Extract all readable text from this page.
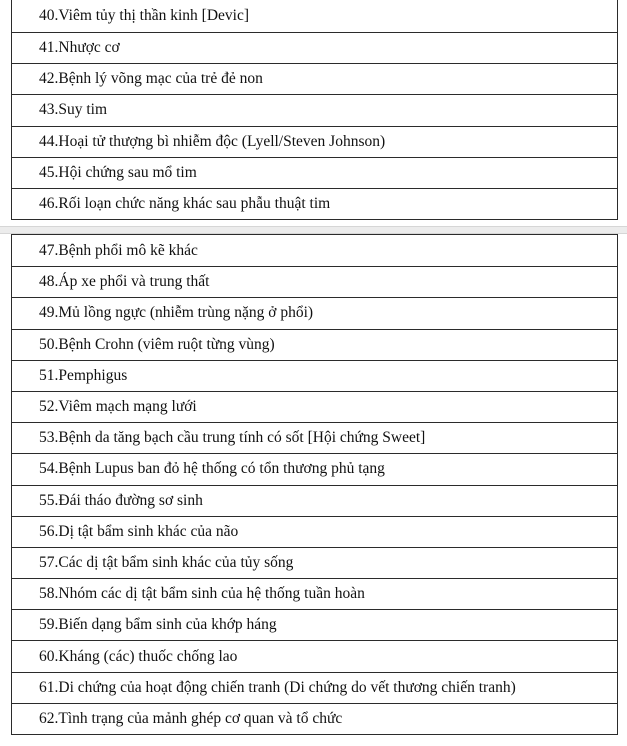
40.Viêm tủy thị thần kinh [Devic]
41.Nhược cơ
42.Bệnh lý võng mạc của trẻ đẻ non
43.Suy tim
44.Hoại tử thượng bì nhiễm độc (Lyell/Steven Johnson)
45.Hội chứng sau mổ tim
46.Rối loạn chức năng khác sau phẫu thuật tim
47.Bệnh phổi mô kẽ khác
48.Áp xe phổi và trung thất
49.Mủ lồng ngực (nhiễm trùng nặng ở phổi)
50.Bệnh Crohn (viêm ruột từng vùng)
51.Pemphigus
52.Viêm mạch mạng lưới
53.Bệnh da tăng bạch cầu trung tính có sốt [Hội chứng Sweet]
54.Bệnh Lupus ban đỏ hệ thống có tổn thương phủ tạng
55.Đái tháo đường sơ sinh
56.Dị tật bẩm sinh khác của não
57.Các dị tật bẩm sinh khác của tủy sống
58.Nhóm các dị tật bẩm sinh của hệ thống tuần hoàn
59.Biến dạng bẩm sinh của khớp háng
60.Kháng (các) thuốc chống lao
61.Di chứng của hoạt động chiến tranh (Di chứng do vết thương chiến tranh)
62.Tình trạng của mảnh ghép cơ quan và tổ chức
